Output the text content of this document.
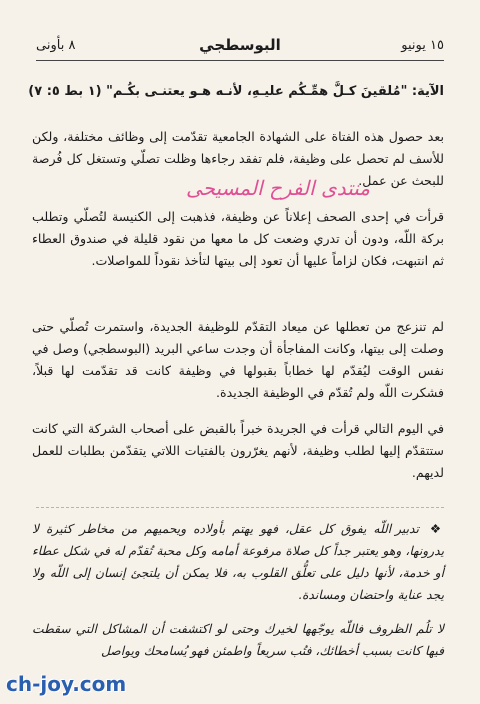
١٥ يونيو
البوسطجي
٨ بأونى
الآية: "مُلقينَ كـلَّ همِّـكُم عليـهِ، لأنـه هـو يعتنـى بكُـم" (١ بط ٥: ٧)

بعد حصول هذه الفتاة على الشهادة الجامعية تقدّمت إلى وظائف مختلفة، ولكن للأسف لم تحصل على وظيفة، فلم تفقد رجاءها وظلت تصلّي وتستغل كل فُرصة للبحث عن عمل.

منتدى الفرح المسيحى

قرأت في إحدى الصحف إعلاناً عن وظيفة، فذهبت إلى الكنيسة لتُصلّي وتطلب بركة اللّه، ودون أن تدري وضعت كل ما معها من نقود قليلة في صندوق العطاء ثم انتبهت، فكان لزاماً عليها أن تعود إلى بيتها لتأخذ نقوداً للمواصلات.

لم تنزعج من تعطلها عن ميعاد التقدّم للوظيفة الجديدة، واستمرت تُصلّي حتى وصلت إلى بيتها، وكانت المفاجأة أن وجدت ساعي البريد (البوسطجي) وصل في نفس الوقت ليُقدّم لها خطاباً بقبولها في وظيفة كانت قد تقدّمت لها قبلاً، فشكرت اللّه ولم تُقدّم في الوظيفة الجديدة.

في اليوم التالي قرأت في الجريدة خبراً بالقبض على أصحاب الشركة التي كانت ستتقدّم إليها لطلب وظيفة، لأنهم يغرّرون بالفتيات اللاتي يتقدّمن بطلبات للعمل لديهم.

❖ تدبير اللّه يفوق كل عقل، فهو يهتم بأولاده ويحميهم من مخاطر كثيرة لا يدرونها، وهو يعتبر جداً كل صلاة مرفوعة أمامه وكل محبة تُقدّم له في شكل عطاء أو خدمة، لأنها دليل على تعلُّق القلوب به، فلا يمكن أن يلتجئ إنسان إلى اللّه ولا يجد عناية واحتضان ومساندة.

لا تلُم الظروف فاللّه يوجّهها لخيرك وحتى لو اكتشفت أن المشاكل التي سقطت فيها كانت بسبب أخطائك، فتُب سريعاً واطمئن فهو يُسامحك ويواصل

ch-joy.com
